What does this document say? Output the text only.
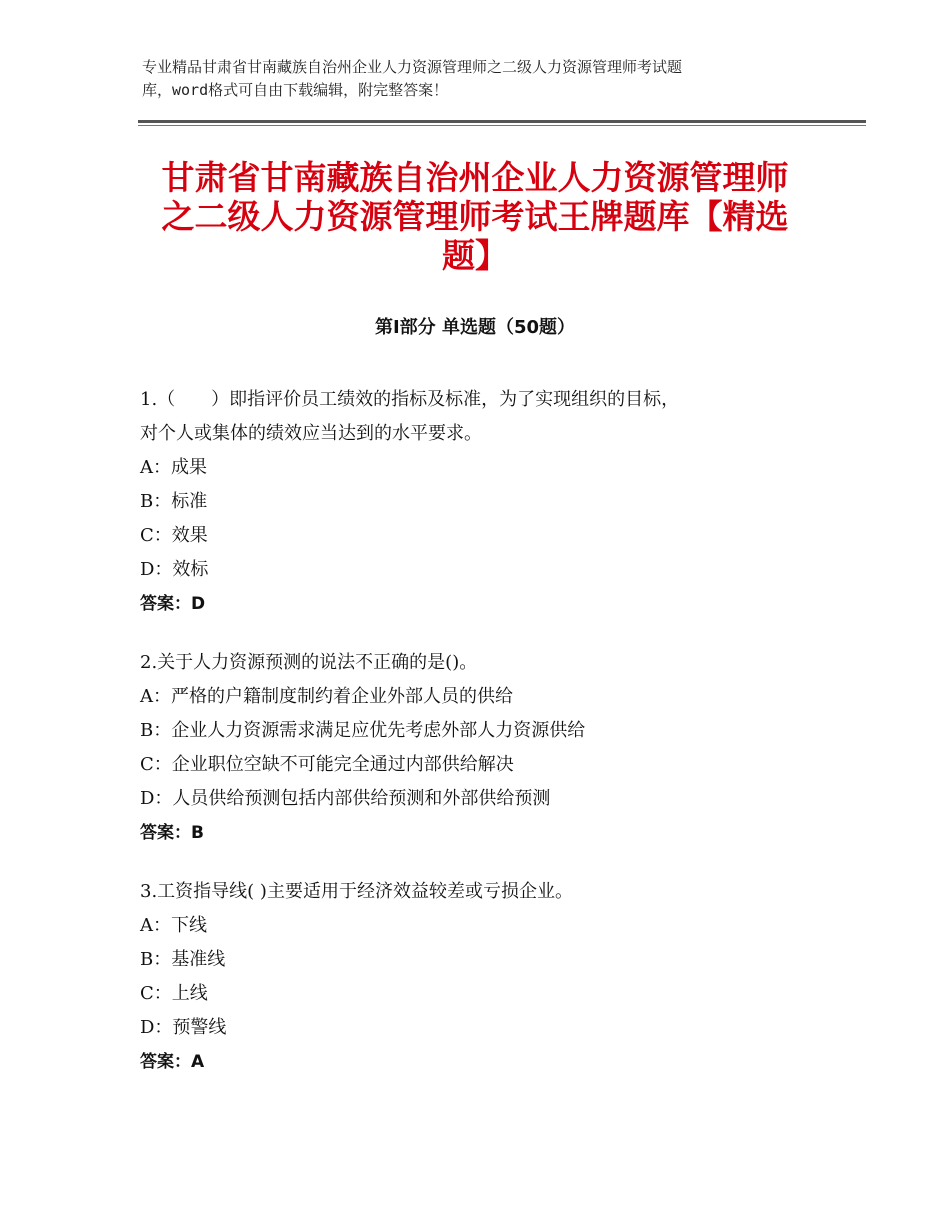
专业精品甘肃省甘南藏族自治州企业人力资源管理师之二级人力资源管理师考试题
库，word格式可自由下载编辑，附完整答案！
甘肃省甘南藏族自治州企业人力资源管理师
之二级人力资源管理师考试王牌题库【精选
题】
第Ⅰ部分 单选题（50题）
1.（　　）即指评价员工绩效的指标及标准，为了实现组织的目标，
对个人或集体的绩效应当达到的水平要求。
A：成果
B：标准
C：效果
D：效标
答案：D
2.关于人力资源预测的说法不正确的是()。
A：严格的户籍制度制约着企业外部人员的供给
B：企业人力资源需求满足应优先考虑外部人力资源供给
C：企业职位空缺不可能完全通过内部供给解决
D：人员供给预测包括内部供给预测和外部供给预测
答案：B
3.工资指导线( )主要适用于经济效益较差或亏损企业。
A：下线
B：基准线
C：上线
D：预警线
答案：A
